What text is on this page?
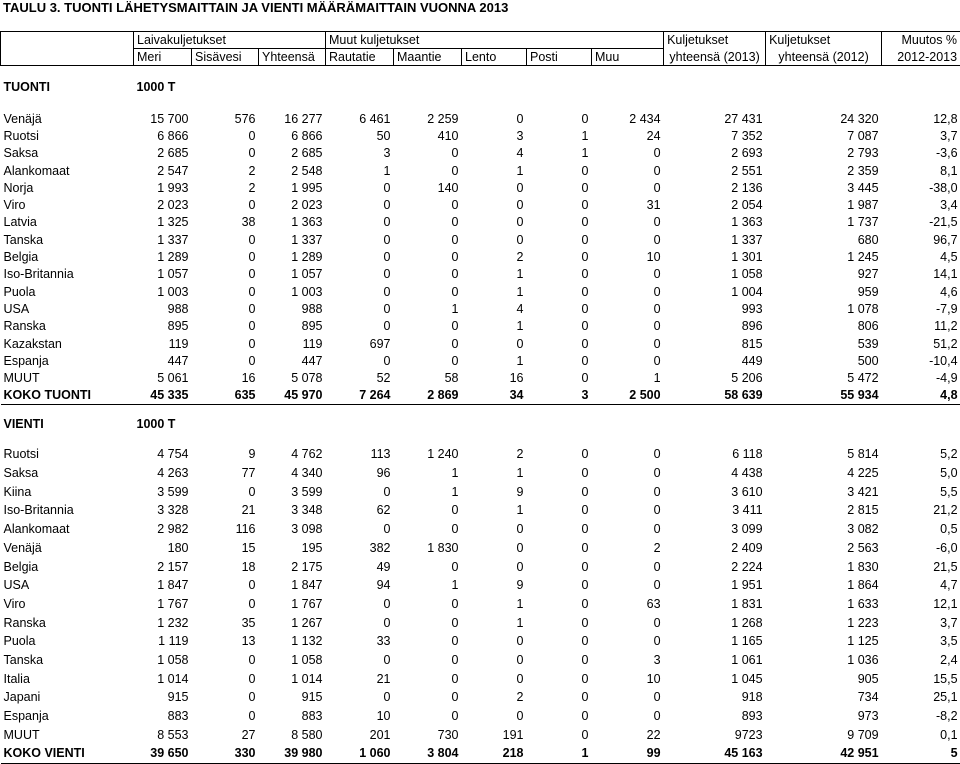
TAULU 3. TUONTI LÄHETYSMAITTAIN JA VIENTI MÄÄRÄMAITTAIN VUONNA 2013
	Laivakuljetukset			Muut kuljetukset					Kuljetukset	Kuljetukset	Muutos %
	Meri	Sisävesi	Yhteensä	Rautatie	Maantie	Lento	Posti	Muu	yhteensä (2013)	yhteensä (2012)	2012-2013

TUONTI	1000 T										

Venäjä	15 700	576	16 277	6 461	2 259	0	0	2 434	27 431	24 320	12,8
Ruotsi	6 866	0	6 866	50	410	3	1	24	7 352	7 087	3,7
Saksa	2 685	0	2 685	3	0	4	1	0	2 693	2 793	-3,6
Alankomaat	2 547	2	2 548	1	0	1	0	0	2 551	2 359	8,1
Norja	1 993	2	1 995	0	140	0	0	0	2 136	3 445	-38,0
Viro	2 023	0	2 023	0	0	0	0	31	2 054	1 987	3,4
Latvia	1 325	38	1 363	0	0	0	0	0	1 363	1 737	-21,5
Tanska	1 337	0	1 337	0	0	0	0	0	1 337	680	96,7
Belgia	1 289	0	1 289	0	0	2	0	10	1 301	1 245	4,5
Iso-Britannia	1 057	0	1 057	0	0	1	0	0	1 058	927	14,1
Puola	1 003	0	1 003	0	0	1	0	0	1 004	959	4,6
USA	988	0	988	0	1	4	0	0	993	1 078	-7,9
Ranska	895	0	895	0	0	1	0	0	896	806	11,2
Kazakstan	119	0	119	697	0	0	0	0	815	539	51,2
Espanja	447	0	447	0	0	1	0	0	449	500	-10,4
MUUT	5 061	16	5 078	52	58	16	0	1	5 206	5 472	-4,9
KOKO TUONTI	45 335	635	45 970	7 264	2 869	34	3	2 500	58 639	55 934	4,8

VIENTI	1000 T										

Ruotsi	4 754	9	4 762	113	1 240	2	0	0	6 118	5 814	5,2
Saksa	4 263	77	4 340	96	1	1	0	0	4 438	4 225	5,0
Kiina	3 599	0	3 599	0	1	9	0	0	3 610	3 421	5,5
Iso-Britannia	3 328	21	3 348	62	0	1	0	0	3 411	2 815	21,2
Alankomaat	2 982	116	3 098	0	0	0	0	0	3 099	3 082	0,5
Venäjä	180	15	195	382	1 830	0	0	2	2 409	2 563	-6,0
Belgia	2 157	18	2 175	49	0	0	0	0	2 224	1 830	21,5
USA	1 847	0	1 847	94	1	9	0	0	1 951	1 864	4,7
Viro	1 767	0	1 767	0	0	1	0	63	1 831	1 633	12,1
Ranska	1 232	35	1 267	0	0	1	0	0	1 268	1 223	3,7
Puola	1 119	13	1 132	33	0	0	0	0	1 165	1 125	3,5
Tanska	1 058	0	1 058	0	0	0	0	3	1 061	1 036	2,4
Italia	1 014	0	1 014	21	0	0	0	10	1 045	905	15,5
Japani	915	0	915	0	0	2	0	0	918	734	25,1
Espanja	883	0	883	10	0	0	0	0	893	973	-8,2
MUUT	8 553	27	8 580	201	730	191	0	22	9723	9 709	0,1
KOKO VIENTI	39 650	330	39 980	1 060	3 804	218	1	99	45 163	42 951	5
